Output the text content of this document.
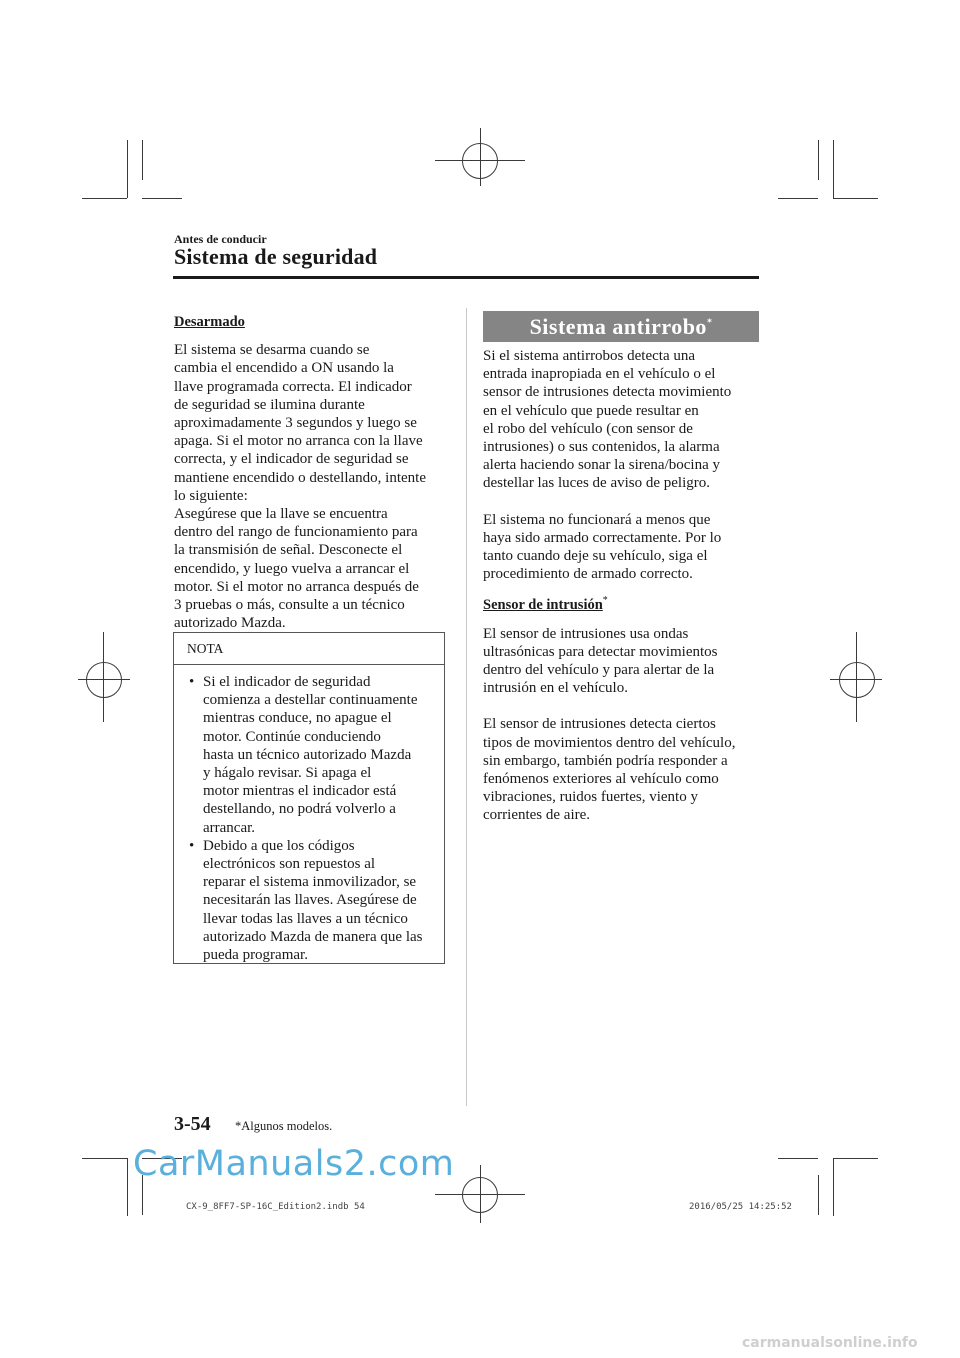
Antes de conducir
Sistema de seguridad

Desarmado

El sistema se desarma cuando se
cambia el encendido a ON usando la
llave programada correcta. El indicador
de seguridad se ilumina durante
aproximadamente 3 segundos y luego se
apaga. Si el motor no arranca con la llave
correcta, y el indicador de seguridad se
mantiene encendido o destellando, intente
lo siguiente:
Asegúrese que la llave se encuentra
dentro del rango de funcionamiento para
la transmisión de señal. Desconecte el
encendido, y luego vuelva a arrancar el
motor. Si el motor no arranca después de
3 pruebas o más, consulte a un técnico
autorizado Mazda.

NOTA
• Si el indicador de seguridad
comienza a destellar continuamente
mientras conduce, no apague el
motor. Continúe conduciendo
hasta un técnico autorizado Mazda
y hágalo revisar. Si apaga el
motor mientras el indicador está
destellando, no podrá volverlo a
arrancar.
• Debido a que los códigos
electrónicos son repuestos al
reparar el sistema inmovilizador, se
necesitarán las llaves. Asegúrese de
llevar todas las llaves a un técnico
autorizado Mazda de manera que las
pueda programar.
Sistema antirrobo*

Si el sistema antirrobos detecta una
entrada inapropiada en el vehículo o el
sensor de intrusiones detecta movimiento
en el vehículo que puede resultar en
el robo del vehículo (con sensor de
intrusiones) o sus contenidos, la alarma
alerta haciendo sonar la sirena/bocina y
destellar las luces de aviso de peligro.

El sistema no funcionará a menos que
haya sido armado correctamente. Por lo
tanto cuando deje su vehículo, siga el
procedimiento de armado correcto.

Sensor de intrusión*

El sensor de intrusiones usa ondas
ultrasónicas para detectar movimientos
dentro del vehículo y para alertar de la
intrusión en el vehículo.

El sensor de intrusiones detecta ciertos
tipos de movimientos dentro del vehículo,
sin embargo, también podría responder a
fenómenos exteriores al vehículo como
vibraciones, ruidos fuertes, viento y
corrientes de aire.

3-54 *Algunos modelos.
CarManuals2.com
CX-9_8FF7-SP-16C_Edition2.indb 54	2016/05/25 14:25:52
carmanualsonline.info
